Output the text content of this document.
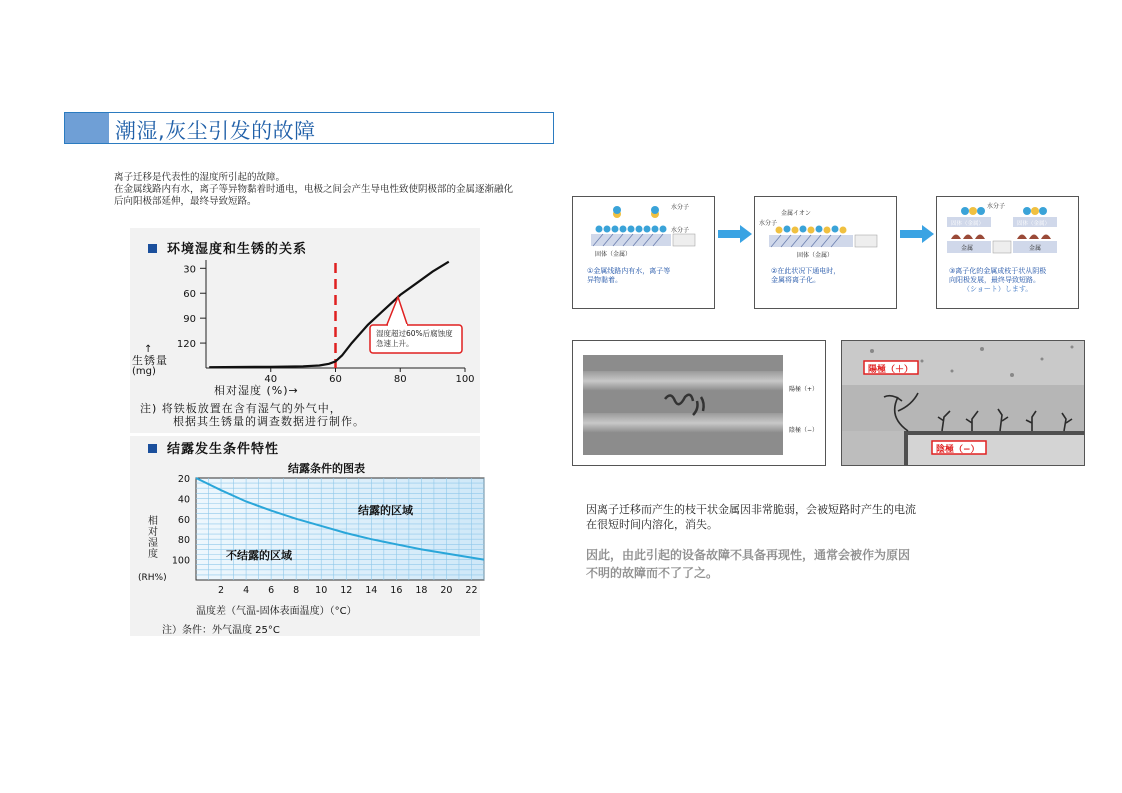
潮湿,灰尘引发的故障
离子迁移是代表性的湿度所引起的故障。
在金属线路内有水，离子等异物黏着时通电，电极之间会产生导电性致使阴极部的金属逐渐融化
后向阳极部延伸，最终导致短路。
环境湿度和生锈的关系
120
90
60
30
40	60	80	100
湿度超过60%后腐蚀度
急速上升。
↑
生锈量
(mg)
相对湿度 (%)→
注) 将铁板放置在含有湿气的外气中，
根据其生锈量的调查数据进行制作。
结露发生条件特性
结露条件的图表
100
80
60
40
20
2 4 6 8 10 12 14 16 18 20 22
结露的区域
不结露的区域
相对湿度
(RH%)
温度差（气温-固体表面温度）（°C）
注）条件：外气温度 25°C
水分子
水分子
固体（金属）
①金属线路内有水，离子等
异物黏着。
金属イオン
水分子
固体（金属）
②在此状况下通电时，
金属将离子化。
水分子
固体（金属）	固体（金属）
金属	金属
③离子化的金属成枝于状从阴极
向阳极发展，最终导致短路。
（ショート）します。
陽極（+）
陰極（−）
陽極（＋）
陰極（−）
因离子迁移而产生的枝干状金属因非常脆弱，会被短路时产生的电流
在很短时间内溶化，消失。
因此，由此引起的设备故障不具备再现性，通常会被作为原因
不明的故障而不了了之。
